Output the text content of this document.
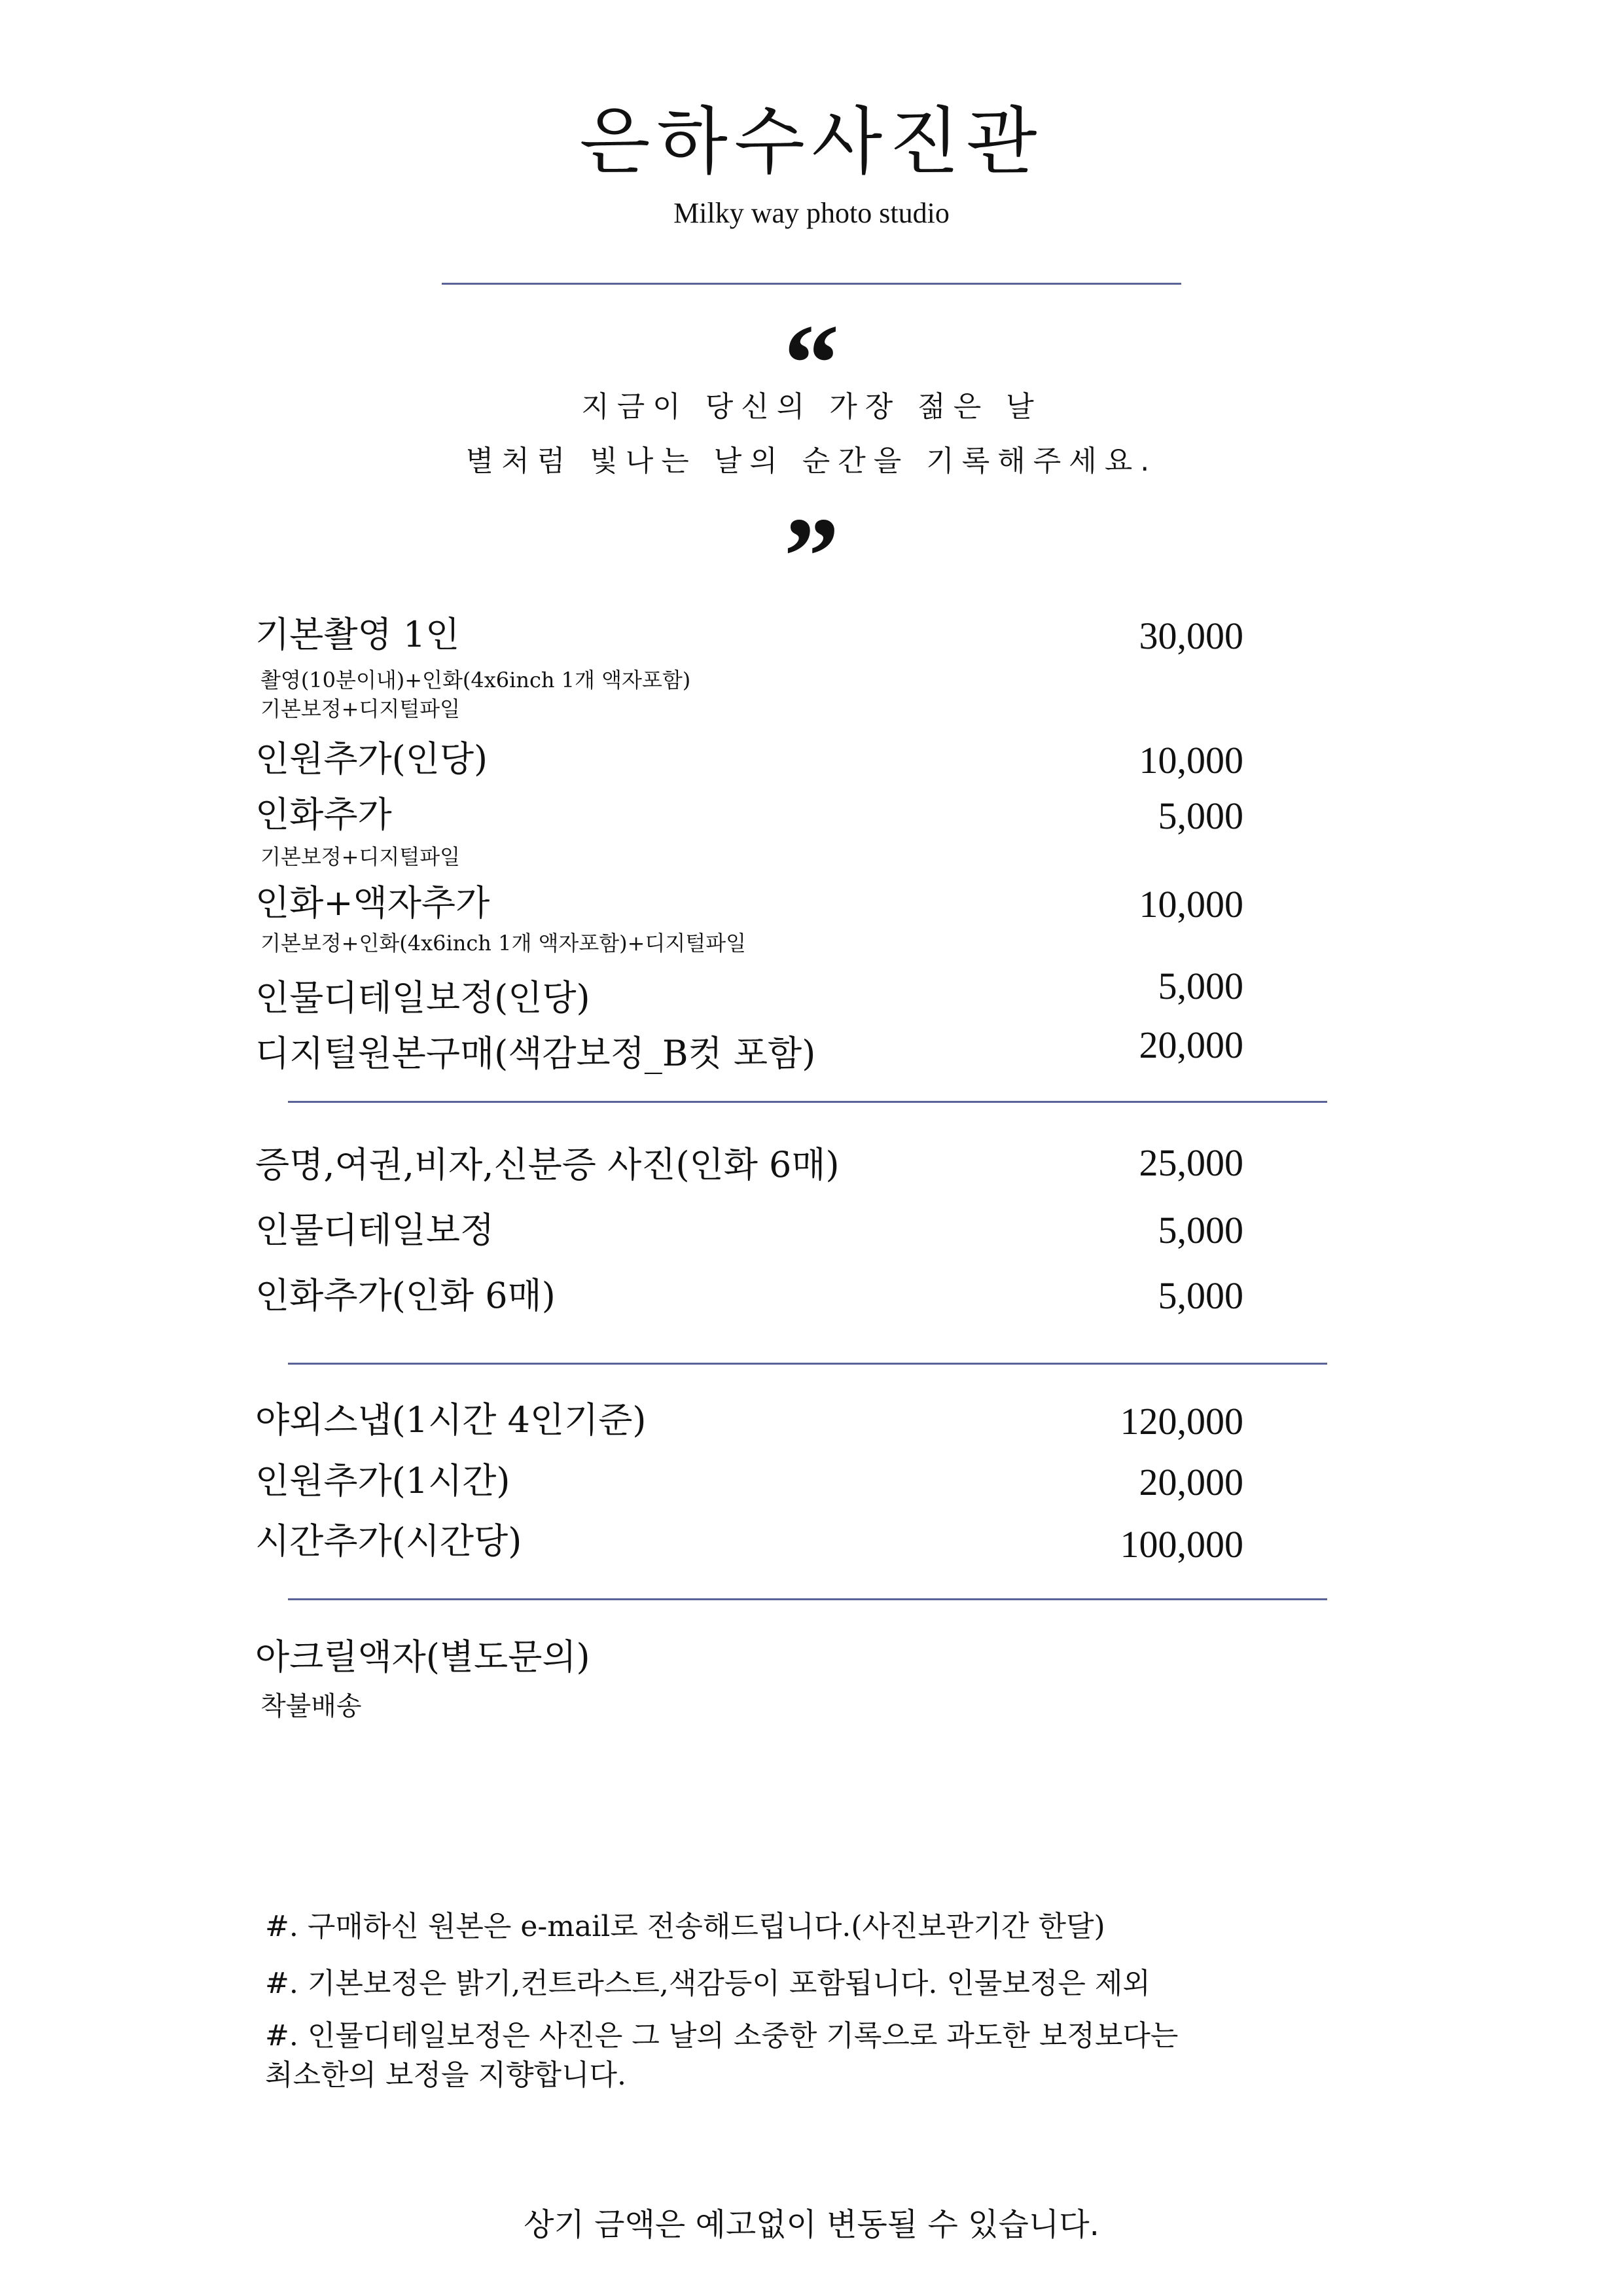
은하수사진관
Milky way photo studio
“
지금이 당신의 가장 젊은 날
별처럼 빛나는 날의 순간을 기록해주세요.
”
기본촬영 1인	30,000
촬영(10분이내)+인화(4x6inch 1개 액자포함)
기본보정+디지털파일
인원추가(인당)	10,000
인화추가	5,000
기본보정+디지털파일
인화+액자추가	10,000
기본보정+인화(4x6inch 1개 액자포함)+디지털파일
인물디테일보정(인당)	5,000
디지털원본구매(색감보정_B컷 포함)	20,000
증명,여권,비자,신분증 사진(인화 6매)	25,000
인물디테일보정	5,000
인화추가(인화 6매)	5,000
야외스냅(1시간 4인기준)	120,000
인원추가(1시간)	20,000
시간추가(시간당)	100,000
아크릴액자(별도문의)
착불배송
#. 구매하신 원본은 e-mail로 전송해드립니다.(사진보관기간 한달)
#. 기본보정은 밝기,컨트라스트,색감등이 포함됩니다. 인물보정은 제외
#. 인물디테일보정은 사진은 그 날의 소중한 기록으로 과도한 보정보다는
최소한의 보정을 지향합니다.
상기 금액은 예고없이 변동될 수 있습니다.
